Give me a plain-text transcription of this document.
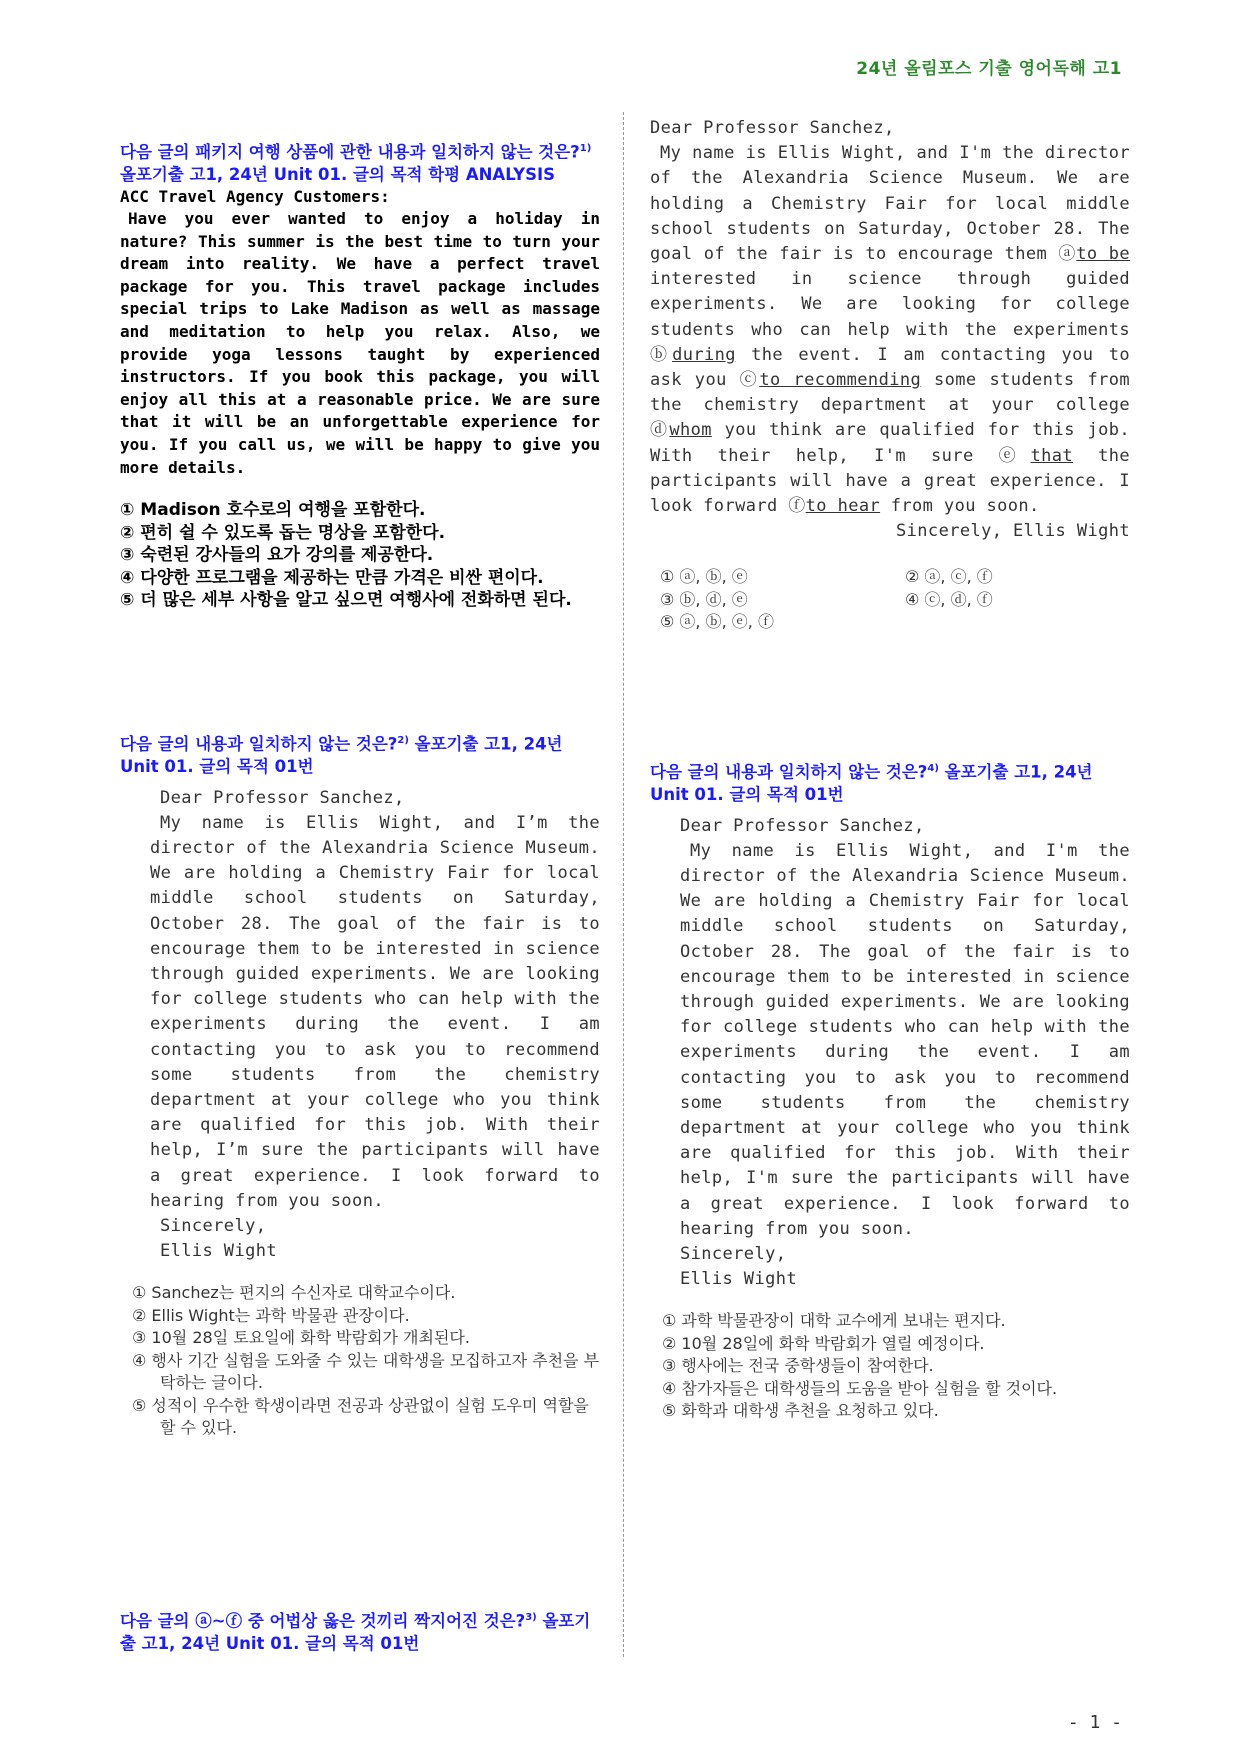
24년 올림포스 기출 영어독해 고1

다음 글의 패키지 여행 상품에 관한 내용과 일치하지 않는 것은?$^{1)}$ 올포기출 고1, 24년 Unit 01. 글의 목적 학평 ANALYSIS

ACC Travel Agency Customers:
Have you ever wanted to enjoy a holiday in nature? This summer is the best time to turn your dream into reality. We have a perfect travel package for you. This travel package includes special trips to Lake Madison as well as massage and meditation to help you relax. Also, we provide yoga lessons taught by experienced instructors. If you book this package, you will enjoy all this at a reasonable price. We are sure that it will be an unforgettable experience for you. If you call us, we will be happy to give you more details.
① Madison 호수로의 여행을 포함한다.
② 편히 쉴 수 있도록 돕는 명상을 포함한다.
③ 숙련된 강사들의 요가 강의를 제공한다.
④ 다양한 프로그램을 제공하는 만큼 가격은 비싼 편이다.
⑤ 더 많은 세부 사항을 알고 싶으면 여행사에 전화하면 된다.

다음 글의 내용과 일치하지 않는 것은?$^{2)}$ 올포기출 고1, 24년 Unit 01. 글의 목적 01번

Dear Professor Sanchez,
My name is Ellis Wight, and I’m the director of the Alexandria Science Museum. We are holding a Chemistry Fair for local middle school students on Saturday, October 28. The goal of the fair is to encourage them to be interested in science through guided experiments. We are looking for college students who can help with the experiments during the event. I am contacting you to ask you to recommend some students from the chemistry department at your college who you think are qualified for this job. With their help, I’m sure the participants will have a great experience. I look forward to hearing from you soon.
Sincerely,
Ellis Wight
① Sanchez는 편지의 수신자로 대학교수이다.
② Ellis Wight는 과학 박물관 관장이다.
③ 10월 28일 토요일에 화학 박람회가 개최된다.
④ 행사 기간 실험을 도와줄 수 있는 대학생을 모집하고자 추천을 부탁하는 글이다.
⑤ 성적이 우수한 학생이라면 전공과 상관없이 실험 도우미 역할을 할 수 있다.

다음 글의 ⓐ~ⓕ 중 어법상 옳은 것끼리 짝지어진 것은?$^{3)}$ 올포기출 고1, 24년 Unit 01. 글의 목적 01번

Dear Professor Sanchez,
My name is Ellis Wight, and I'm the director of the Alexandria Science Museum. We are holding a Chemistry Fair for local middle school students on Saturday, October 28. The goal of the fair is to encourage them ⓐto be interested in science through guided experiments. We are looking for college students who can help with the experiments ⓑduring the event. I am contacting you to ask you ⓒto recommending some students from the chemistry department at your college ⓓwhom you think are qualified for this job. With their help, I'm sure ⓔthat the participants will have a great experience. I look forward ⓕto hear from you soon.
Sincerely, Ellis Wight
① ⓐ, ⓑ, ⓔ	② ⓐ, ⓒ, ⓕ
③ ⓑ, ⓓ, ⓔ	④ ⓒ, ⓓ, ⓕ
⑤ ⓐ, ⓑ, ⓔ, ⓕ

다음 글의 내용과 일치하지 않는 것은?$^{4)}$ 올포기출 고1, 24년 Unit 01. 글의 목적 01번

Dear Professor Sanchez,
My name is Ellis Wight, and I'm the director of the Alexandria Science Museum. We are holding a Chemistry Fair for local middle school students on Saturday, October 28. The goal of the fair is to encourage them to be interested in science through guided experiments. We are looking for college students who can help with the experiments during the event. I am contacting you to ask you to recommend some students from the chemistry department at your college who you think are qualified for this job. With their help, I'm sure the participants will have a great experience. I look forward to hearing from you soon.
Sincerely,
Ellis Wight
① 과학 박물관장이 대학 교수에게 보내는 편지다.
② 10월 28일에 화학 박람회가 열릴 예정이다.
③ 행사에는 전국 중학생들이 참여한다.
④ 참가자들은 대학생들의 도움을 받아 실험을 할 것이다.
⑤ 화학과 대학생 추천을 요청하고 있다.
- 1 -
